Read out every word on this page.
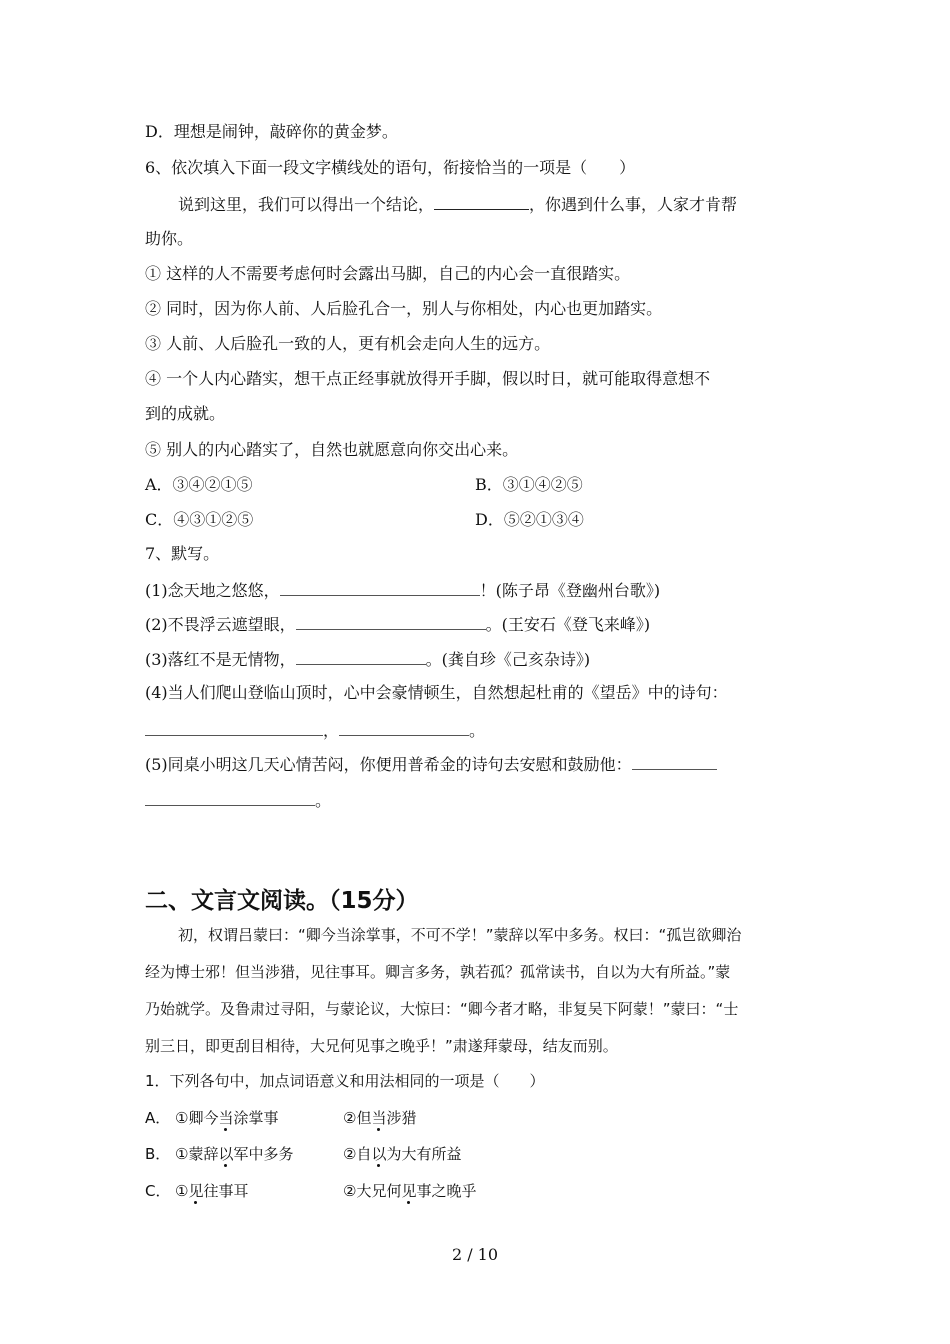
D．理想是闹钟，敲碎你的黄金梦。
6、依次填入下面一段文字横线处的语句，衔接恰当的一项是（　　）
说到这里，我们可以得出一个结论，	，你遇到什么事，人家才肯帮
助你。
① 这样的人不需要考虑何时会露出马脚，自己的内心会一直很踏实。
② 同时，因为你人前、人后脸孔合一，别人与你相处，内心也更加踏实。
③ 人前、人后脸孔一致的人，更有机会走向人生的远方。
④ 一个人内心踏实，想干点正经事就放得开手脚，假以时日，就可能取得意想不
到的成就。
⑤ 别人的内心踏实了，自然也就愿意向你交出心来。
A．③④②①⑤	B．③①④②⑤
C．④③①②⑤	D．⑤②①③④
7、默写。
(1)念天地之悠悠，	！(陈子昂《登幽州台歌》)
(2)不畏浮云遮望眼，	。(王安石《登飞来峰》)
(3)落红不是无情物，	。(龚自珍《己亥杂诗》)
(4)当人们爬山登临山顶时，心中会豪情顿生，自然想起杜甫的《望岳》中的诗句：
，	。
(5)同桌小明这几天心情苦闷，你便用普希金的诗句去安慰和鼓励他：
。
二、文言文阅读。（15分）
初，权谓吕蒙曰：“卿今当涂掌事，不可不学！”蒙辞以军中多务。权曰：“孤岂欲卿治
经为博士邪！但当涉猎，见往事耳。卿言多务，孰若孤？孤常读书，自以为大有所益。”蒙
乃始就学。及鲁肃过寻阳，与蒙论议，大惊曰：“卿今者才略，非复吴下阿蒙！”蒙曰：“士
别三日，即更刮目相待，大兄何见事之晚乎！”肃遂拜蒙母，结友而别。
1．下列各句中，加点词语意义和用法相同的一项是（　　）
A． ①卿今当涂掌事	②但当涉猎
B． ①蒙辞以军中多务	②自以为大有所益
C． ①见往事耳	②大兄何见事之晚乎
2 / 10
